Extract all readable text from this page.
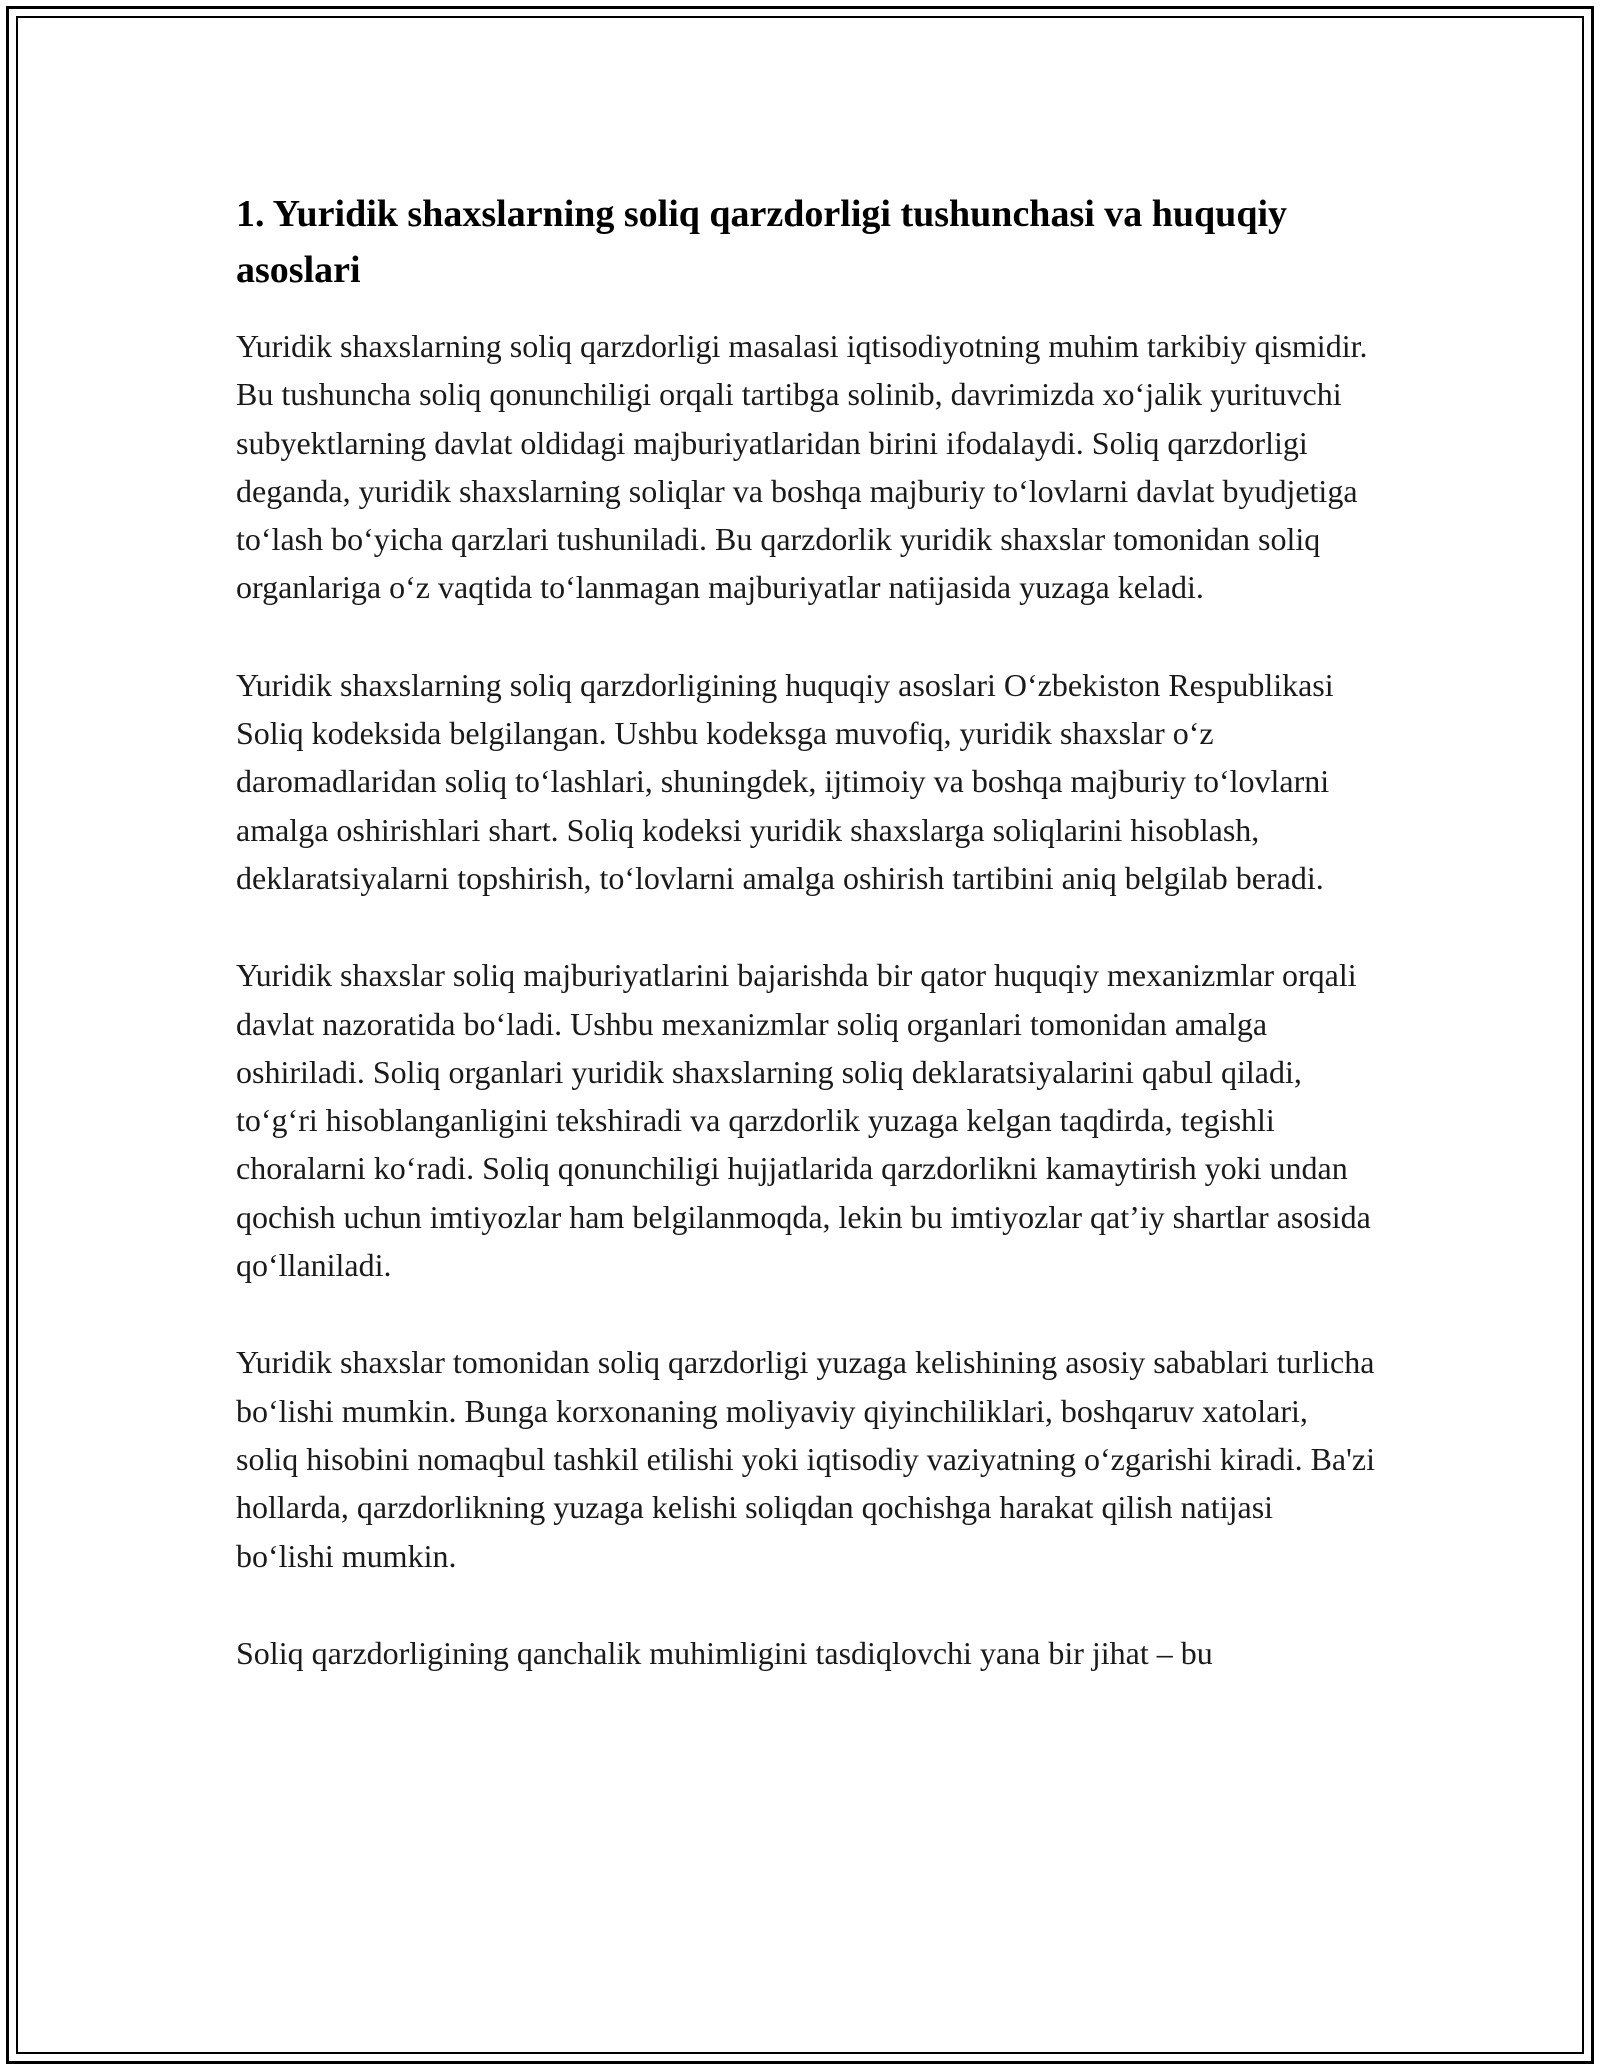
1. Yuridik shaxslarning soliq qarzdorligi tushunchasi va huquqiy asoslari

Yuridik shaxslarning soliq qarzdorligi masalasi iqtisodiyotning muhim tarkibiy qismidir. Bu tushuncha soliq qonunchiligi orqali tartibga solinib, davrimizda xo‘jalik yurituvchi subyektlarning davlat oldidagi majburiyatlaridan birini ifodalaydi. Soliq qarzdorligi deganda, yuridik shaxslarning soliqlar va boshqa majburiy to‘lovlarni davlat byudjetiga to‘lash bo‘yicha qarzlari tushuniladi. Bu qarzdorlik yuridik shaxslar tomonidan soliq organlariga o‘z vaqtida to‘lanmagan majburiyatlar natijasida yuzaga keladi.

Yuridik shaxslarning soliq qarzdorligining huquqiy asoslari O‘zbekiston Respublikasi Soliq kodeksida belgilangan. Ushbu kodeksga muvofiq, yuridik shaxslar o‘z daromadlaridan soliq to‘lashlari, shuningdek, ijtimoiy va boshqa majburiy to‘lovlarni amalga oshirishlari shart. Soliq kodeksi yuridik shaxslarga soliqlarini hisoblash, deklaratsiyalarni topshirish, to‘lovlarni amalga oshirish tartibini aniq belgilab beradi.

Yuridik shaxslar soliq majburiyatlarini bajarishda bir qator huquqiy mexanizmlar orqali davlat nazoratida bo‘ladi. Ushbu mexanizmlar soliq organlari tomonidan amalga oshiriladi. Soliq organlari yuridik shaxslarning soliq deklaratsiyalarini qabul qiladi, to‘g‘ri hisoblanganligini tekshiradi va qarzdorlik yuzaga kelgan taqdirda, tegishli choralarni ko‘radi. Soliq qonunchiligi hujjatlarida qarzdorlikni kamaytirish yoki undan qochish uchun imtiyozlar ham belgilanmoqda, lekin bu imtiyozlar qat’iy shartlar asosida qo‘llaniladi.

Yuridik shaxslar tomonidan soliq qarzdorligi yuzaga kelishining asosiy sabablari turlicha bo‘lishi mumkin. Bunga korxonaning moliyaviy qiyinchiliklari, boshqaruv xatolari, soliq hisobini nomaqbul tashkil etilishi yoki iqtisodiy vaziyatning o‘zgarishi kiradi. Ba'zi hollarda, qarzdorlikning yuzaga kelishi soliqdan qochishga harakat qilish natijasi bo‘lishi mumkin.

Soliq qarzdorligining qanchalik muhimligini tasdiqlovchi yana bir jihat – bu
